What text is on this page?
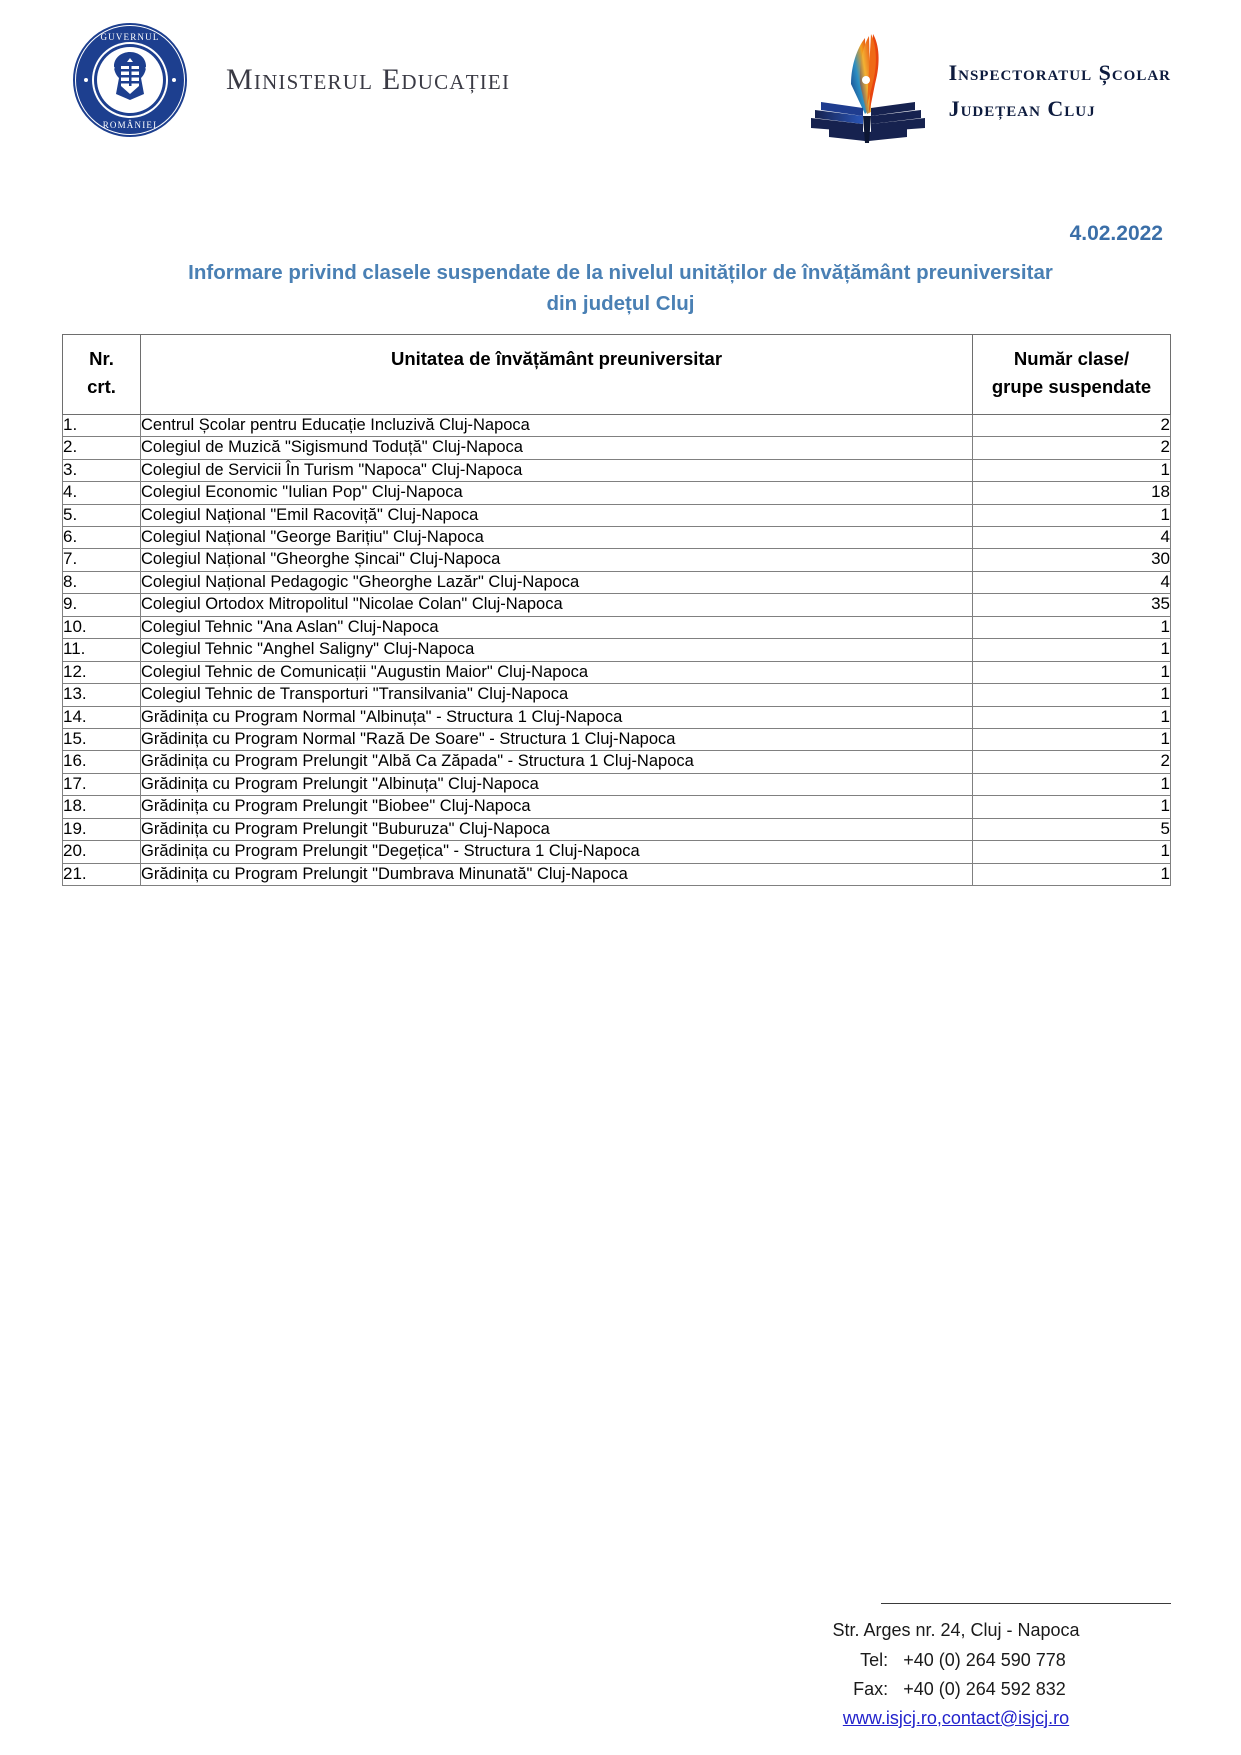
GUVERNUL
ROMÂNIEI
Ministerul Educației	Inspectoratul Școlar
Județean Cluj
4.02.2022
Informare privind clasele suspendate de la nivelul unităților de învățământ preuniversitar
din județul Cluj
Nr.
crt.
	Unitatea de învățământ preuniversitar	Număr clase/
grupe suspendate

1.	Centrul Școlar pentru Educație Incluzivă Cluj-Napoca	2
2.	Colegiul de Muzică "Sigismund Toduță" Cluj-Napoca	2
3.	Colegiul de Servicii În Turism "Napoca" Cluj-Napoca	1
4.	Colegiul Economic "Iulian Pop" Cluj-Napoca	18
5.	Colegiul Național "Emil Racoviță" Cluj-Napoca	1
6.	Colegiul Național "George Barițiu" Cluj-Napoca	4
7.	Colegiul Național "Gheorghe Șincai" Cluj-Napoca	30
8.	Colegiul Național Pedagogic "Gheorghe Lazăr" Cluj-Napoca	4
9.	Colegiul Ortodox Mitropolitul "Nicolae Colan" Cluj-Napoca	35
10.	Colegiul Tehnic "Ana Aslan" Cluj-Napoca	1
11.	Colegiul Tehnic "Anghel Saligny" Cluj-Napoca	1
12.	Colegiul Tehnic de Comunicații "Augustin Maior" Cluj-Napoca	1
13.	Colegiul Tehnic de Transporturi "Transilvania" Cluj-Napoca	1
14.	Grădinița cu Program Normal "Albinuța" - Structura 1 Cluj-Napoca	1
15.	Grădinița cu Program Normal "Rază De Soare" - Structura 1 Cluj-Napoca	1
16.	Grădinița cu Program Prelungit "Albă Ca Zăpada" - Structura 1 Cluj-Napoca	2
17.	Grădinița cu Program Prelungit "Albinuța" Cluj-Napoca	1
18.	Grădinița cu Program Prelungit "Biobee" Cluj-Napoca	1
19.	Grădinița cu Program Prelungit "Buburuza" Cluj-Napoca	5
20.	Grădinița cu Program Prelungit "Degețica" - Structura 1 Cluj-Napoca	1
21.	Grădinița cu Program Prelungit "Dumbrava Minunată" Cluj-Napoca	1
Str. Arges nr. 24, Cluj - Napoca
Tel: +40 (0) 264 590 778
Fax: +40 (0) 264 592 832
www.isjcj.ro,contact@isjcj.ro
